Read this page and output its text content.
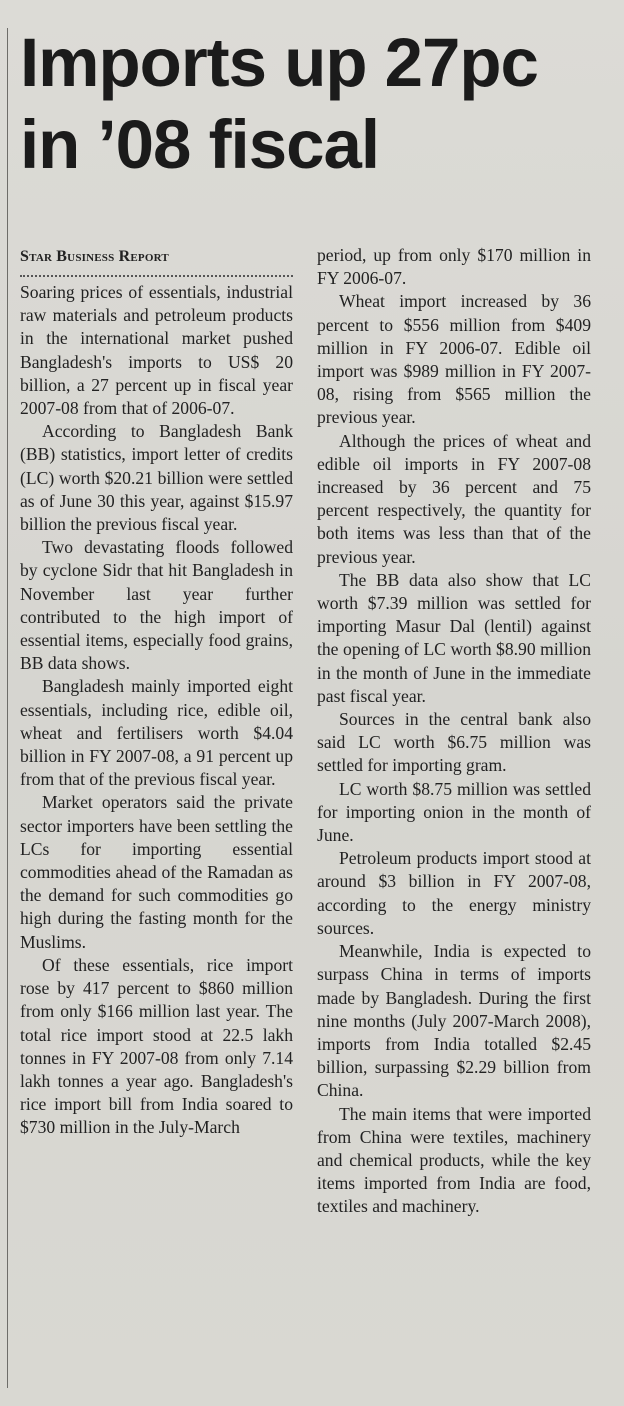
Imports up 27pc
in ’08 fiscal
Star Business Report

Soaring prices of essentials, industrial raw materials and petroleum products in the international market pushed Bangladesh's imports to US$ 20 billion, a 27 percent up in fiscal year 2007-08 from that of 2006-07.

According to Bangladesh Bank (BB) statistics, import letter of credits (LC) worth $20.21 billion were settled as of June 30 this year, against $15.97 billion the previous fiscal year.

Two devastating floods followed by cyclone Sidr that hit Bangladesh in November last year further contributed to the high import of essential items, especially food grains, BB data shows.

Bangladesh mainly imported eight essentials, including rice, edible oil, wheat and fertilisers worth $4.04 billion in FY 2007-08, a 91 percent up from that of the previous fiscal year.

Market operators said the private sector importers have been settling the LCs for importing essential commodities ahead of the Ramadan as the demand for such commodities go high during the fasting month for the Muslims.

Of these essentials, rice import rose by 417 percent to $860 million from only $166 million last year. The total rice import stood at 22.5 lakh tonnes in FY 2007-08 from only 7.14 lakh tonnes a year ago. Bangladesh's rice import bill from India soared to $730 million in the July-March

period, up from only $170 million in FY 2006-07.

Wheat import increased by 36 percent to $556 million from $409 million in FY 2006-07. Edible oil import was $989 million in FY 2007-08, rising from $565 million the previous year.

Although the prices of wheat and edible oil imports in FY 2007-08 increased by 36 percent and 75 percent respectively, the quantity for both items was less than that of the previous year.

The BB data also show that LC worth $7.39 million was settled for importing Masur Dal (lentil) against the opening of LC worth $8.90 million in the month of June in the immediate past fiscal year.

Sources in the central bank also said LC worth $6.75 million was settled for importing gram.

LC worth $8.75 million was settled for importing onion in the month of June.

Petroleum products import stood at around $3 billion in FY 2007-08, according to the energy ministry sources.

Meanwhile, India is expected to surpass China in terms of imports made by Bangladesh. During the first nine months (July 2007-March 2008), imports from India totalled $2.45 billion, surpassing $2.29 billion from China.

The main items that were imported from China were textiles, machinery and chemical products, while the key items imported from India are food, textiles and machinery.
